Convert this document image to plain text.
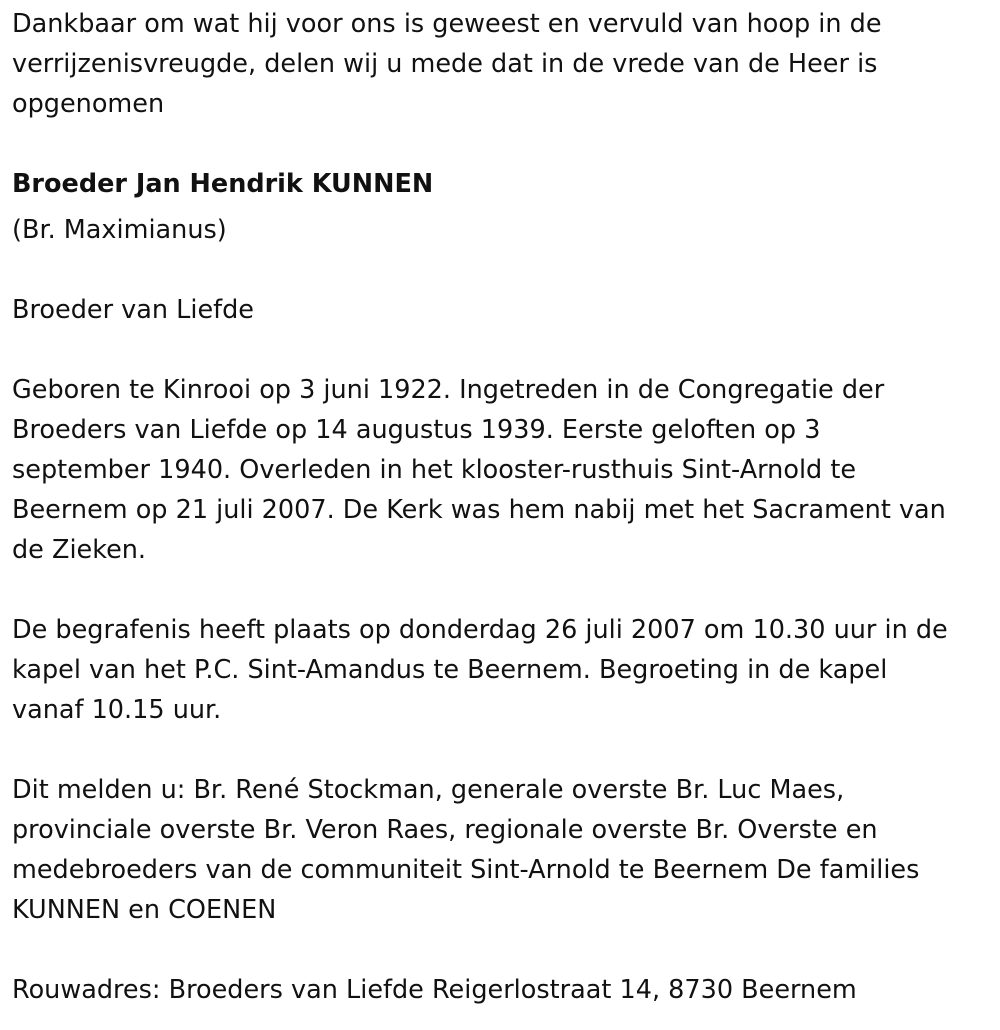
Dankbaar om wat hij voor ons is geweest en vervuld van hoop in de
verrijzenisvreugde, delen wij u mede dat in de vrede van de Heer is
opgenomen
Broeder Jan Hendrik KUNNEN
(Br. Maximianus)
Broeder van Liefde
Geboren te Kinrooi op 3 juni 1922. Ingetreden in de Congregatie der
Broeders van Liefde op 14 augustus 1939. Eerste geloften op 3
september 1940. Overleden in het klooster-rusthuis Sint-Arnold te
Beernem op 21 juli 2007. De Kerk was hem nabij met het Sacrament van
de Zieken.
De begrafenis heeft plaats op donderdag 26 juli 2007 om 10.30 uur in de
kapel van het P.C. Sint-Amandus te Beernem. Begroeting in de kapel
vanaf 10.15 uur.
Dit melden u: Br. René Stockman, generale overste Br. Luc Maes,
provinciale overste Br. Veron Raes, regionale overste Br. Overste en
medebroeders van de communiteit Sint-Arnold te Beernem De families
KUNNEN en COENEN
Rouwadres: Broeders van Liefde Reigerlostraat 14, 8730 Beernem
